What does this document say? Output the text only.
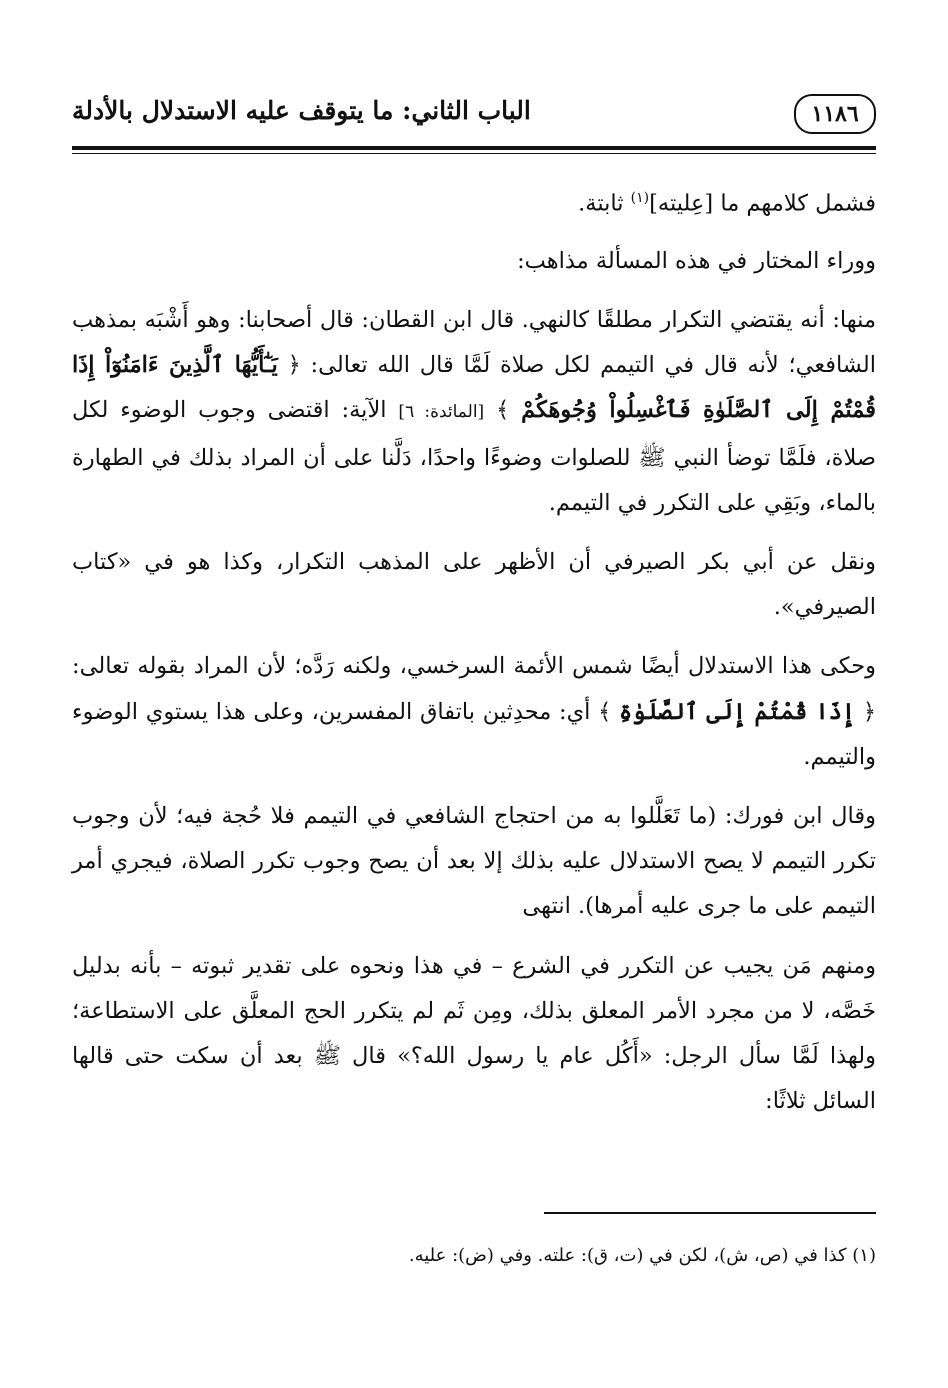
١١٨٦
الباب الثاني: ما يتوقف عليه الاستدلال بالأدلة

فشمل كلامهم ما [عِليته]$^{(١)}$ ثابتة.

ووراء المختار في هذه المسألة مذاهب:

منها: أنه يقتضي التكرار مطلقًا كالنهي. قال ابن القطان: قال أصحابنا: وهو أَشْبَه بمذهب الشافعي؛ لأنه قال في التيمم لكل صلاة لَمَّا قال الله تعالى: ﴿ يَـٰٓأَيُّهَا ٱلَّذِينَ ءَامَنُوٓاْ إِذَا قُمْتُمْ إِلَى ٱلصَّلَوٰةِ فَٱغْسِلُواْ وُجُوهَكُمْ ﴾ [المائدة: ٦] الآية: اقتضى وجوب الوضوء لكل صلاة، فلَمَّا توضأ النبي ﷺ للصلوات وضوءًا واحدًا، دَلَّنا على أن المراد بذلك في الطهارة بالماء، وبَقِي على التكرر في التيمم.

ونقل عن أبي بكر الصيرفي أن الأظهر على المذهب التكرار، وكذا هو في «كتاب الصيرفي».

وحكى هذا الاستدلال أيضًا شمس الأئمة السرخسي، ولكنه رَدَّه؛ لأن المراد بقوله تعالى: ﴿ إِذَا قُمْتُمْ إِلَى ٱلصَّلَوٰةِ ﴾ أي: محدِثين باتفاق المفسرين، وعلى هذا يستوي الوضوء والتيمم.

وقال ابن فورك: (ما تَعَلَّلوا به من احتجاج الشافعي في التيمم فلا حُجة فيه؛ لأن وجوب تكرر التيمم لا يصح الاستدلال عليه بذلك إلا بعد أن يصح وجوب تكرر الصلاة، فيجري أمر التيمم على ما جرى عليه أمرها). انتهى

ومنهم مَن يجيب عن التكرر في الشرع – في هذا ونحوه على تقدير ثبوته – بأنه بدليل خَصَّه، لا من مجرد الأمر المعلق بذلك، ومِن ثَم لم يتكرر الحج المعلَّق على الاستطاعة؛ ولهذا لَمَّا سأل الرجل: «أَكُل عام يا رسول الله؟» قال ﷺ بعد أن سكت حتى قالها السائل ثلاثًا:

(١) كذا في (ص، ش)، لكن في (ت، ق): علته. وفي (ض): عليه.
